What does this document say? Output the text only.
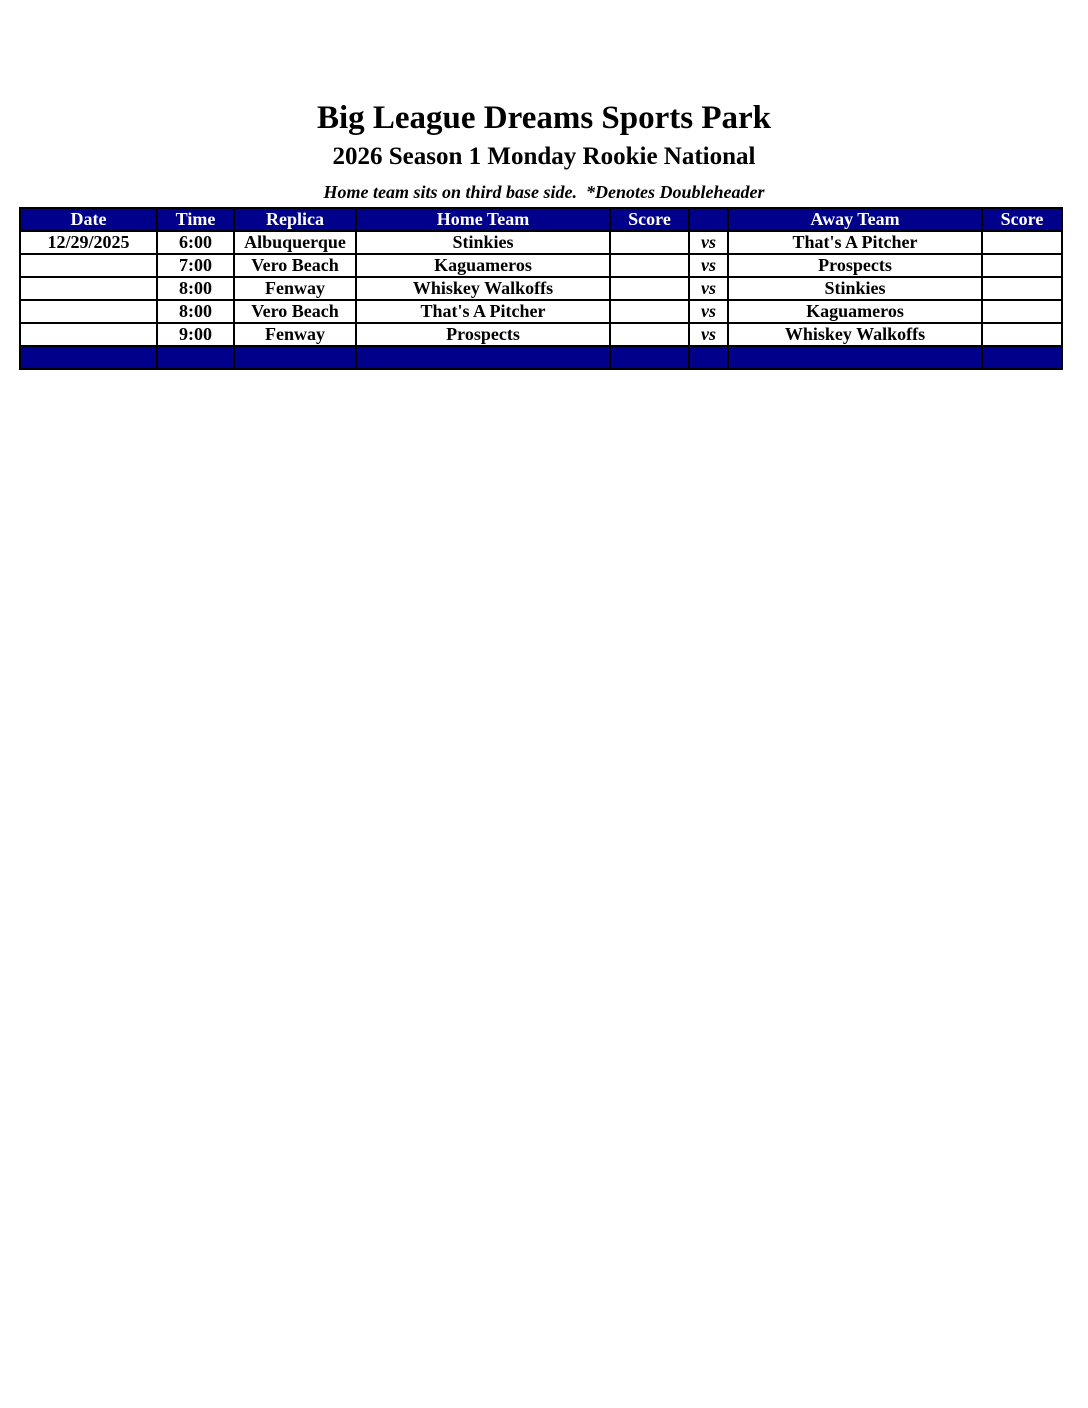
Big League Dreams Sports Park
2026 Season 1 Monday Rookie National
Home team sits on third base side.  *Denotes Doubleheader
Date	Time	Replica	Home Team	Score		Away Team	Score
12/29/2025	6:00	Albuquerque	Stinkies		vs	That's A Pitcher	
	7:00	Vero Beach	Kaguameros		vs	Prospects	
	8:00	Fenway	Whiskey Walkoffs		vs	Stinkies	
	8:00	Vero Beach	That's A Pitcher		vs	Kaguameros	
	9:00	Fenway	Prospects		vs	Whiskey Walkoffs	
